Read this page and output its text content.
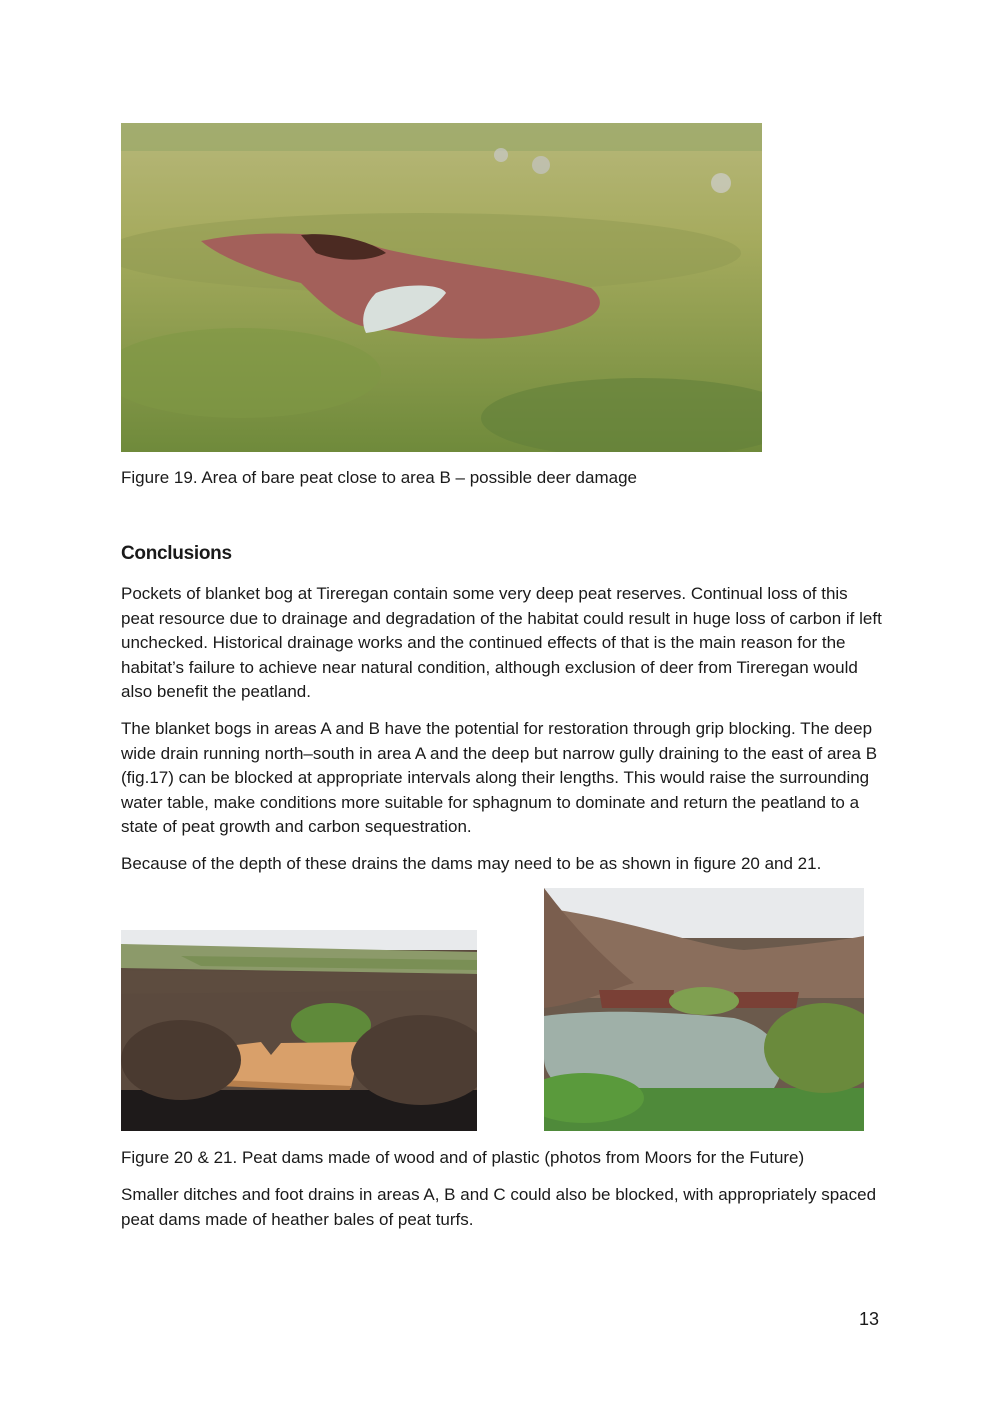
Figure 19. Area of bare peat close to area B – possible deer damage

Conclusions

Pockets of blanket bog at Tireregan contain some very deep peat reserves. Continual loss of this peat resource due to drainage and degradation of the habitat could result in huge loss of carbon if left unchecked. Historical drainage works and the continued effects of that is the main reason for the habitat’s failure to achieve near natural condition, although exclusion of deer from Tireregan would also benefit the peatland.

The blanket bogs in areas A and B have the potential for restoration through grip blocking. The deep wide drain running north–south in area A and the deep but narrow gully draining to the east of area B (fig.17) can be blocked at appropriate intervals along their lengths. This would raise the surrounding water table, make conditions more suitable for sphagnum to dominate and return the peatland to a state of peat growth and carbon sequestration.

Because of the depth of these drains the dams may need to be as shown in figure 20 and 21.

Figure 20 & 21. Peat dams made of wood and of plastic (photos from Moors for the Future)

Smaller ditches and foot drains in areas A, B and C could also be blocked, with appropriately spaced peat dams made of heather bales of peat turfs.

13
